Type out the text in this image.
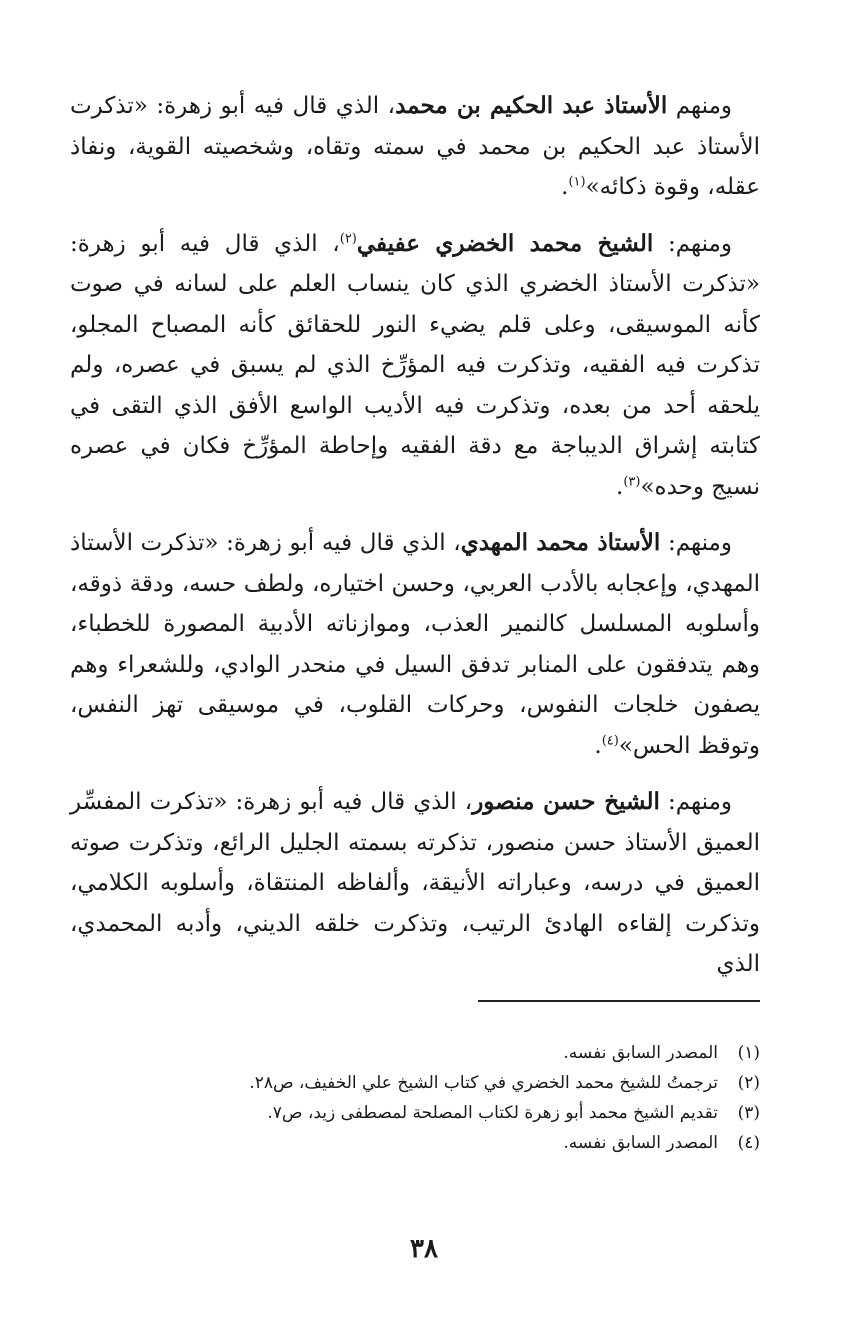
ومنهم الأستاذ عبد الحكيم بن محمد، الذي قال فيه أبو زهرة: «تذكرت الأستاذ عبد الحكيم بن محمد في سمته وتقاه، وشخصيته القوية، ونفاذ عقله، وقوة ذكائه»$^{(١)}$.

ومنهم: الشيخ محمد الخضري عفيفي$^{(٢)}$، الذي قال فيه أبو زهرة: «تذكرت الأستاذ الخضري الذي كان ينساب العلم على لسانه في صوت كأنه الموسيقى، وعلى قلم يضيء النور للحقائق كأنه المصباح المجلو، تذكرت فيه الفقيه، وتذكرت فيه المؤرِّخ الذي لم يسبق في عصره، ولم يلحقه أحد من بعده، وتذكرت فيه الأديب الواسع الأفق الذي التقى في كتابته إشراق الديباجة مع دقة الفقيه وإحاطة المؤرِّخ فكان في عصره نسيج وحده»$^{(٣)}$.

ومنهم: الأستاذ محمد المهدي، الذي قال فيه أبو زهرة: «تذكرت الأستاذ المهدي، وإعجابه بالأدب العربي، وحسن اختياره، ولطف حسه، ودقة ذوقه، وأسلوبه المسلسل كالنمير العذب، وموازناته الأدبية المصورة للخطباء، وهم يتدفقون على المنابر تدفق السيل في منحدر الوادي، وللشعراء وهم يصفون خلجات النفوس، وحركات القلوب، في موسيقى تهز النفس، وتوقظ الحس»$^{(٤)}$.

ومنهم: الشيخ حسن منصور، الذي قال فيه أبو زهرة: «تذكرت المفسِّر العميق الأستاذ حسن منصور، تذكرته بسمته الجليل الرائع، وتذكرت صوته العميق في درسه، وعباراته الأنيقة، وألفاظه المنتقاة، وأسلوبه الكلامي، وتذكرت إلقاءه الهادئ الرتيب، وتذكرت خلقه الديني، وأدبه المحمدي، الذي

(١)
المصدر السابق نفسه.
(٢)
ترجمتُ للشيخ محمد الخضري في كتاب الشيخ علي الخفيف، ص٢٨.
(٣)
تقديم الشيخ محمد أبو زهرة لكتاب المصلحة لمصطفى زيد، ص٧.
(٤)
المصدر السابق نفسه.
٣٨
